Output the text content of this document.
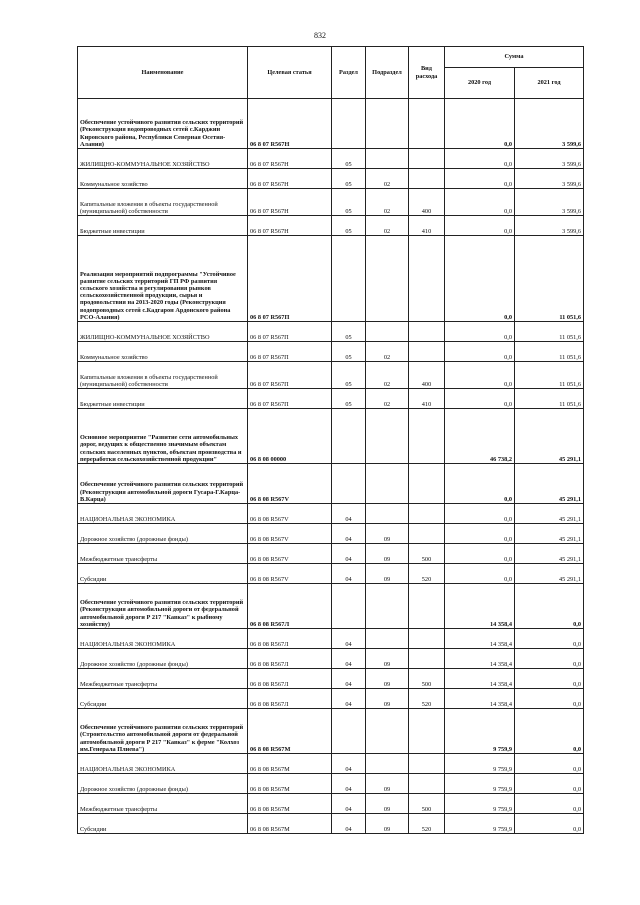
832
Наименование	Целевая статья	Раздел	Подраздел	Вид расхода	Сумма	
					2020 год	2021 год
Обеспечение устойчивого развития сельских территорий (Реконструкция водопроводных сетей с.Карджин Кировского района, Республики Северная Осетия-Алания)	06 8 07 R567Н				0,0	3 599,6
ЖИЛИЩНО-КОММУНАЛЬНОЕ ХОЗЯЙСТВО	06 8 07 R567Н	05			0,0	3 599,6
Коммунальное хозяйство	06 8 07 R567Н	05	02		0,0	3 599,6
Капитальные вложения в объекты государственной (муниципальной) собственности	06 8 07 R567Н	05	02	400	0,0	3 599,6
Бюджетные инвестиции	06 8 07 R567Н	05	02	410	0,0	3 599,6
Реализация мероприятий подпрограммы "Устойчивое развитие сельских территорий ГП РФ развития сельского хозяйства и регулирования рынков сельскохозяйственной продукции, сырья и продовольствия на 2013-2020 годы (Реконструкция водопроводных сетей с.Кадгарон Ардонского района РСО-Алания)	06 8 07 R567П				0,0	11 051,6
ЖИЛИЩНО-КОММУНАЛЬНОЕ ХОЗЯЙСТВО	06 8 07 R567П	05			0,0	11 051,6
Коммунальное хозяйство	06 8 07 R567П	05	02		0,0	11 051,6
Капитальные вложения в объекты государственной (муниципальной) собственности	06 8 07 R567П	05	02	400	0,0	11 051,6
Бюджетные инвестиции	06 8 07 R567П	05	02	410	0,0	11 051,6
Основное мероприятие "Развитие сети автомобильных дорог, ведущих к общественно значимым объектам сельских населенных пунктов, объектам производства и переработки сельскохозяйственной продукции"	06 8 08 00000				46 738,2	45 291,1
Обеспечение устойчивого развития сельских территорий (Реконструкция автомобильной дороги Гусара-Г.Карца-В.Карца)	06 8 08 R567V				0,0	45 291,1
НАЦИОНАЛЬНАЯ ЭКОНОМИКА	06 8 08 R567V	04			0,0	45 291,1
Дорожное хозяйство (дорожные фонды)	06 8 08 R567V	04	09		0,0	45 291,1
Межбюджетные трансферты	06 8 08 R567V	04	09	500	0,0	45 291,1
Субсидии	06 8 08 R567V	04	09	520	0,0	45 291,1
Обеспечение устойчивого развития сельских территорий (Реконструкция автомобильной дороги от федеральной автомобильной дороги Р 217 "Кавказ" к рыбному хозяйству)	06 8 08 R567Л				14 358,4	0,0
НАЦИОНАЛЬНАЯ ЭКОНОМИКА	06 8 08 R567Л	04			14 358,4	0,0
Дорожное хозяйство (дорожные фонды)	06 8 08 R567Л	04	09		14 358,4	0,0
Межбюджетные трансферты	06 8 08 R567Л	04	09	500	14 358,4	0,0
Субсидии	06 8 08 R567Л	04	09	520	14 358,4	0,0
Обеспечение устойчивого развития сельских территорий (Строительство автомобильной дороги от федеральной автомобильной дороги Р 217 "Кавказ" к ферме "Колхоз им.Генерала Плиева")	06 8 08 R567М				9 759,9	0,0
НАЦИОНАЛЬНАЯ ЭКОНОМИКА	06 8 08 R567М	04			9 759,9	0,0
Дорожное хозяйство (дорожные фонды)	06 8 08 R567М	04	09		9 759,9	0,0
Межбюджетные трансферты	06 8 08 R567М	04	09	500	9 759,9	0,0
Субсидии	06 8 08 R567М	04	09	520	9 759,9	0,0
